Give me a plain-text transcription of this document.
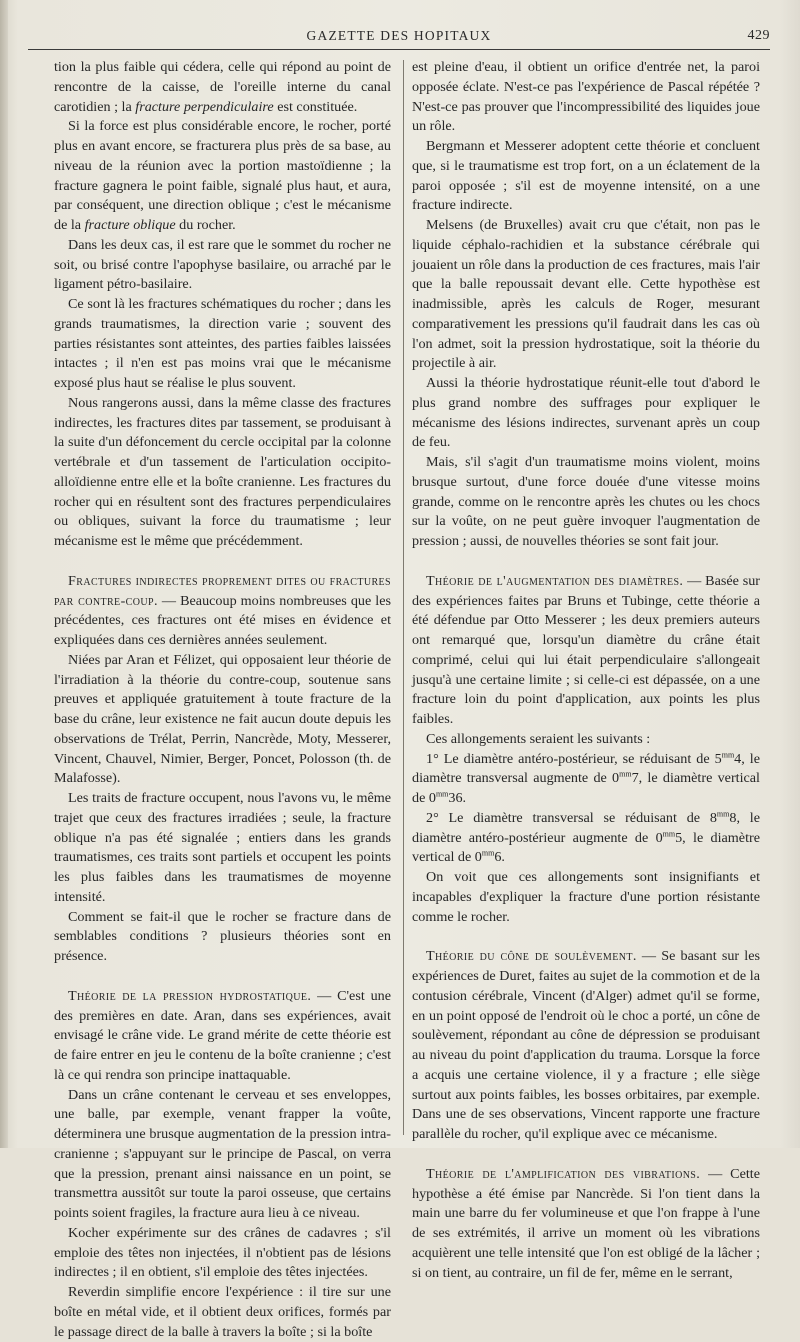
GAZETTE DES HOPITAUX	429

tion la plus faible qui cédera, celle qui répond au point de rencontre de la caisse, de l'oreille interne du canal carotidien ; la fracture perpendiculaire est constituée.

Si la force est plus considérable encore, le rocher, porté plus en avant encore, se fracturera plus près de sa base, au niveau de la réunion avec la portion mastoïdienne ; la fracture gagnera le point faible, signalé plus haut, et aura, par conséquent, une direction oblique ; c'est le mécanisme de la fracture oblique du rocher.

Dans les deux cas, il est rare que le sommet du rocher ne soit, ou brisé contre l'apophyse basilaire, ou arraché par le ligament pétro-basilaire.

Ce sont là les fractures schématiques du rocher ; dans les grands traumatismes, la direction varie ; souvent des parties résistantes sont atteintes, des parties faibles laissées intactes ; il n'en est pas moins vrai que le mécanisme exposé plus haut se réalise le plus souvent.

Nous rangerons aussi, dans la même classe des fractures indirectes, les fractures dites par tassement, se produisant à la suite d'un défoncement du cercle occipital par la colonne vertébrale et d'un tassement de l'articulation occipito-alloïdienne entre elle et la boîte cranienne. Les fractures du rocher qui en résultent sont des fractures perpendiculaires ou obliques, suivant la force du traumatisme ; leur mécanisme est le même que précédemment.

Fractures indirectes proprement dites ou fractures par contre-coup. — Beaucoup moins nombreuses que les précédentes, ces fractures ont été mises en évidence et expliquées dans ces dernières années seulement.

Niées par Aran et Félizet, qui opposaient leur théorie de l'irradiation à la théorie du contre-coup, soutenue sans preuves et appliquée gratuitement à toute fracture de la base du crâne, leur existence ne fait aucun doute depuis les observations de Trélat, Perrin, Nancrède, Moty, Messerer, Vincent, Chauvel, Nimier, Berger, Poncet, Polosson (th. de Malafosse).

Les traits de fracture occupent, nous l'avons vu, le même trajet que ceux des fractures irradiées ; seule, la fracture oblique n'a pas été signalée ; entiers dans les grands traumatismes, ces traits sont partiels et occupent les points les plus faibles dans les traumatismes de moyenne intensité.

Comment se fait-il que le rocher se fracture dans de semblables conditions ? plusieurs théories sont en présence.

Théorie de la pression hydrostatique. — C'est une des premières en date. Aran, dans ses expériences, avait envisagé le crâne vide. Le grand mérite de cette théorie est de faire entrer en jeu le contenu de la boîte cranienne ; c'est là ce qui rendra son principe inattaquable.

Dans un crâne contenant le cerveau et ses enveloppes, une balle, par exemple, venant frapper la voûte, déterminera une brusque augmentation de la pression intra-cranienne ; s'appuyant sur le principe de Pascal, on verra que la pression, prenant ainsi naissance en un point, se transmettra aussitôt sur toute la paroi osseuse, que certains points soient fragiles, la fracture aura lieu à ce niveau.

Kocher expérimente sur des crânes de cadavres ; s'il emploie des têtes non injectées, il n'obtient pas de lésions indirectes ; il en obtient, s'il emploie des têtes injectées.

Reverdin simplifie encore l'expérience : il tire sur une boîte en métal vide, et il obtient deux orifices, formés par le passage direct de la balle à travers la boîte ; si la boîte

est pleine d'eau, il obtient un orifice d'entrée net, la paroi opposée éclate. N'est-ce pas l'expérience de Pascal répétée ? N'est-ce pas prouver que l'incompressibilité des liquides joue un rôle.

Bergmann et Messerer adoptent cette théorie et concluent que, si le traumatisme est trop fort, on a un éclatement de la paroi opposée ; s'il est de moyenne intensité, on a une fracture indirecte.

Melsens (de Bruxelles) avait cru que c'était, non pas le liquide céphalo-rachidien et la substance cérébrale qui jouaient un rôle dans la production de ces fractures, mais l'air que la balle repoussait devant elle. Cette hypothèse est inadmissible, après les calculs de Roger, mesurant comparativement les pressions qu'il faudrait dans les cas où l'on admet, soit la pression hydrostatique, soit la théorie du projectile à air.

Aussi la théorie hydrostatique réunit-elle tout d'abord le plus grand nombre des suffrages pour expliquer le mécanisme des lésions indirectes, survenant après un coup de feu.

Mais, s'il s'agit d'un traumatisme moins violent, moins brusque surtout, d'une force douée d'une vitesse moins grande, comme on le rencontre après les chutes ou les chocs sur la voûte, on ne peut guère invoquer l'augmentation de pression ; aussi, de nouvelles théories se sont fait jour.

Théorie de l'augmentation des diamètres. — Basée sur des expériences faites par Bruns et Tubinge, cette théorie a été défendue par Otto Messerer ; les deux premiers auteurs ont remarqué que, lorsqu'un diamètre du crâne était comprimé, celui qui lui était perpendiculaire s'allongeait jusqu'à une certaine limite ; si celle-ci est dépassée, on a une fracture loin du point d'application, aux points les plus faibles.

Ces allongements seraient les suivants :

1° Le diamètre antéro-postérieur, se réduisant de $5^{mm}4$, le diamètre transversal augmente de $0^{mm}7$, le diamètre vertical de $0^{mm}36$.

2° Le diamètre transversal se réduisant de $8^{mm}8$, le diamètre antéro-postérieur augmente de $0^{mm}5$, le diamètre vertical de $0^{mm}6$.

On voit que ces allongements sont insignifiants et incapables d'expliquer la fracture d'une portion résistante comme le rocher.

Théorie du cône de soulèvement. — Se basant sur les expériences de Duret, faites au sujet de la commotion et de la contusion cérébrale, Vincent (d'Alger) admet qu'il se forme, en un point opposé de l'endroit où le choc a porté, un cône de soulèvement, répondant au cône de dépression se produisant au niveau du point d'application du trauma. Lorsque la force a acquis une certaine violence, il y a fracture ; elle siège surtout aux points faibles, les bosses orbitaires, par exemple. Dans une de ses observations, Vincent rapporte une fracture parallèle du rocher, qu'il explique avec ce mécanisme.

Théorie de l'amplification des vibrations. — Cette hypothèse a été émise par Nancrède. Si l'on tient dans la main une barre du fer volumineuse et que l'on frappe à l'une de ses extrémités, il arrive un moment où les vibrations acquièrent une telle intensité que l'on est obligé de la lâcher ; si on tient, au contraire, un fil de fer, même en le serrant,
